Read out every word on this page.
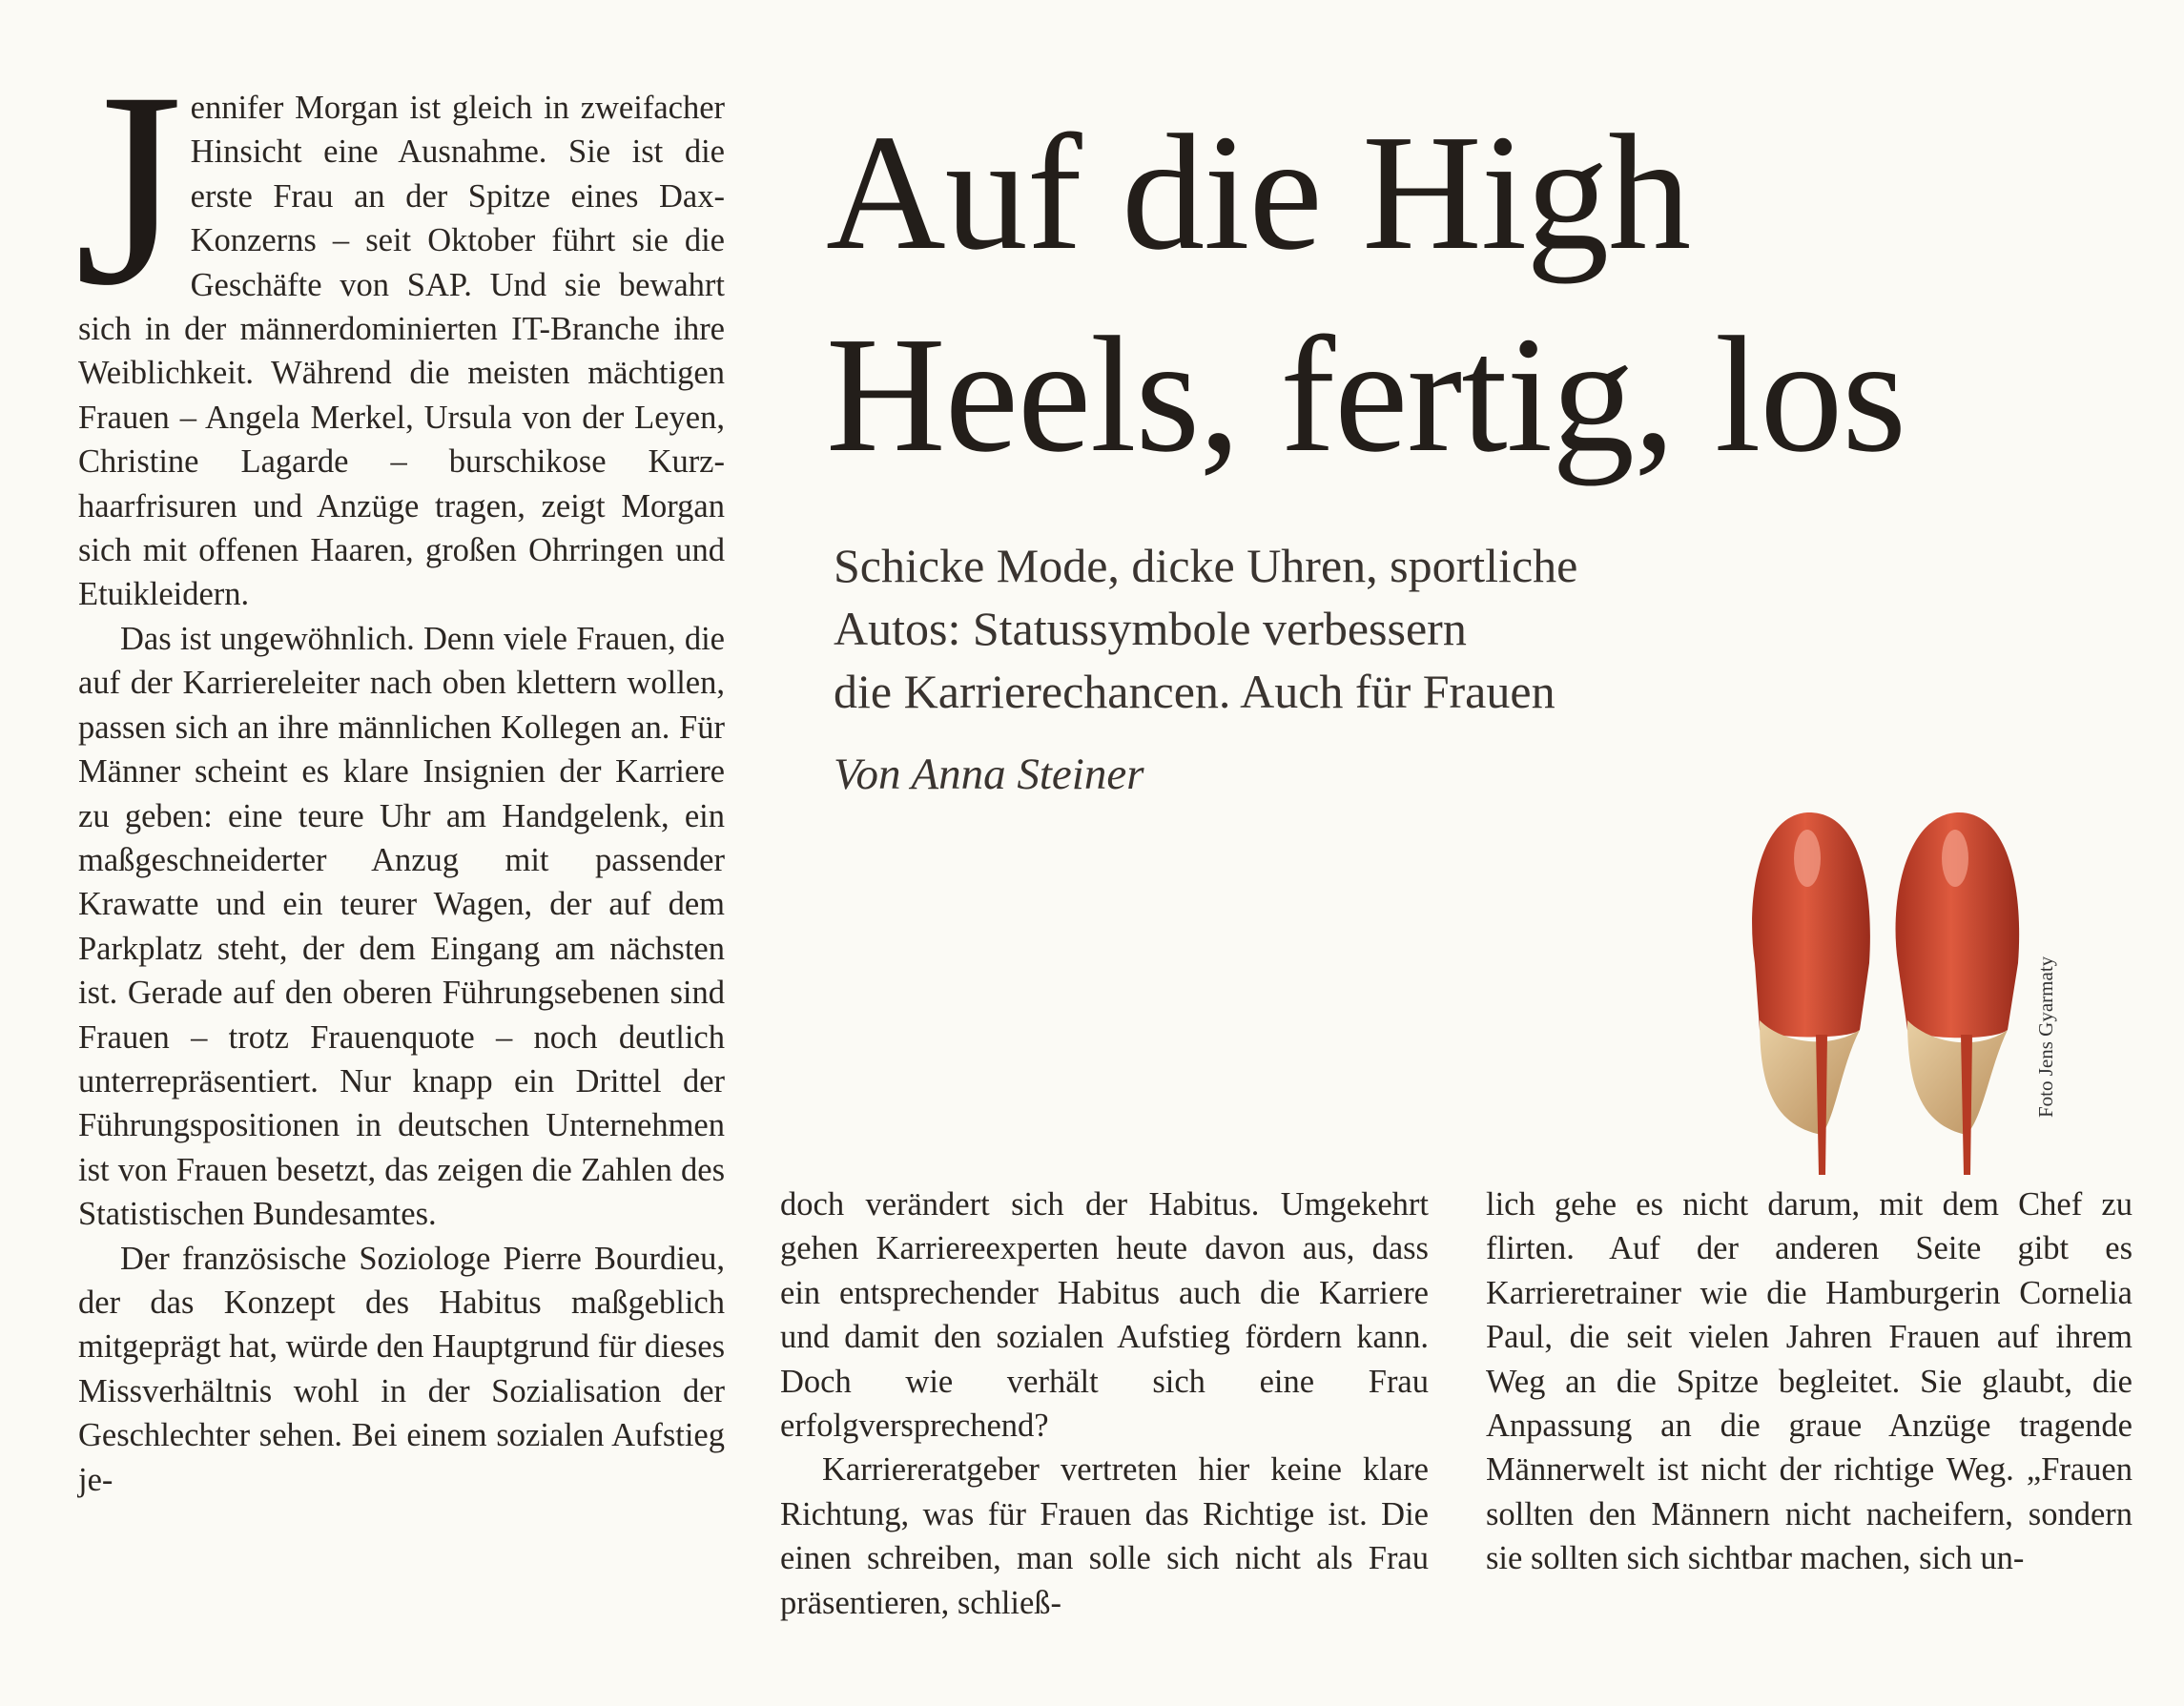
Jennifer Morgan ist gleich in zweifacher Hinsicht eine Ausnahme. Sie ist die erste Frau an der Spitze eines Dax-Konzerns – seit Oktober führt sie die Geschäfte von SAP. Und sie bewahrt sich in der männerdominierten IT-Branche ihre Weiblichkeit. Während die meisten mächtigen Frauen – Angela Merkel, Ursula von der Leyen, Christine Lagarde – burschikose Kurzhaarfrisuren und Anzüge tragen, zeigt Morgan sich mit offenen Haaren, großen Ohrringen und Etuikleidern.

Das ist ungewöhnlich. Denn viele Frauen, die auf der Karriereleiter nach oben klettern wollen, passen sich an ihre männlichen Kollegen an. Für Männer scheint es klare Insignien der Karriere zu geben: eine teure Uhr am Handgelenk, ein maßgeschneiderter Anzug mit passender Krawatte und ein teurer Wagen, der auf dem Parkplatz steht, der dem Eingang am nächsten ist. Gerade auf den oberen Führungsebenen sind Frauen – trotz Frauenquote – noch deutlich unterrepräsentiert. Nur knapp ein Drittel der Führungspositionen in deutschen Unternehmen ist von Frauen besetzt, das zeigen die Zahlen des Statistischen Bundesamtes.

Der französische Soziologe Pierre Bourdieu, der das Konzept des Habitus maßgeblich mitgeprägt hat, würde den Hauptgrund für dieses Missverhältnis wohl in der Sozialisation der Geschlechter sehen. Bei einem sozialen Aufstieg je-

Auf die High
Heels, fertig, los
Schicke Mode, dicke Uhren, sportliche
Autos: Statussymbole verbessern
die Karrierechancen. Auch für Frauen
Von Anna Steiner
Foto Jens Gyarmaty

doch verändert sich der Habitus. Umgekehrt gehen Karriereexperten heute davon aus, dass ein entsprechender Habitus auch die Karriere und damit den sozialen Aufstieg fördern kann. Doch wie verhält sich eine Frau erfolgversprechend?

Karriereratgeber vertreten hier keine klare Richtung, was für Frauen das Richtige ist. Die einen schreiben, man solle sich nicht als Frau präsentieren, schließ-

lich gehe es nicht darum, mit dem Chef zu flirten. Auf der anderen Seite gibt es Karrieretrainer wie die Hamburgerin Cornelia Paul, die seit vielen Jahren Frauen auf ihrem Weg an die Spitze begleitet. Sie glaubt, die Anpassung an die graue Anzüge tragende Männerwelt ist nicht der richtige Weg. „Frauen sollten den Männern nicht nacheifern, sondern sie sollten sich sichtbar machen, sich un-
